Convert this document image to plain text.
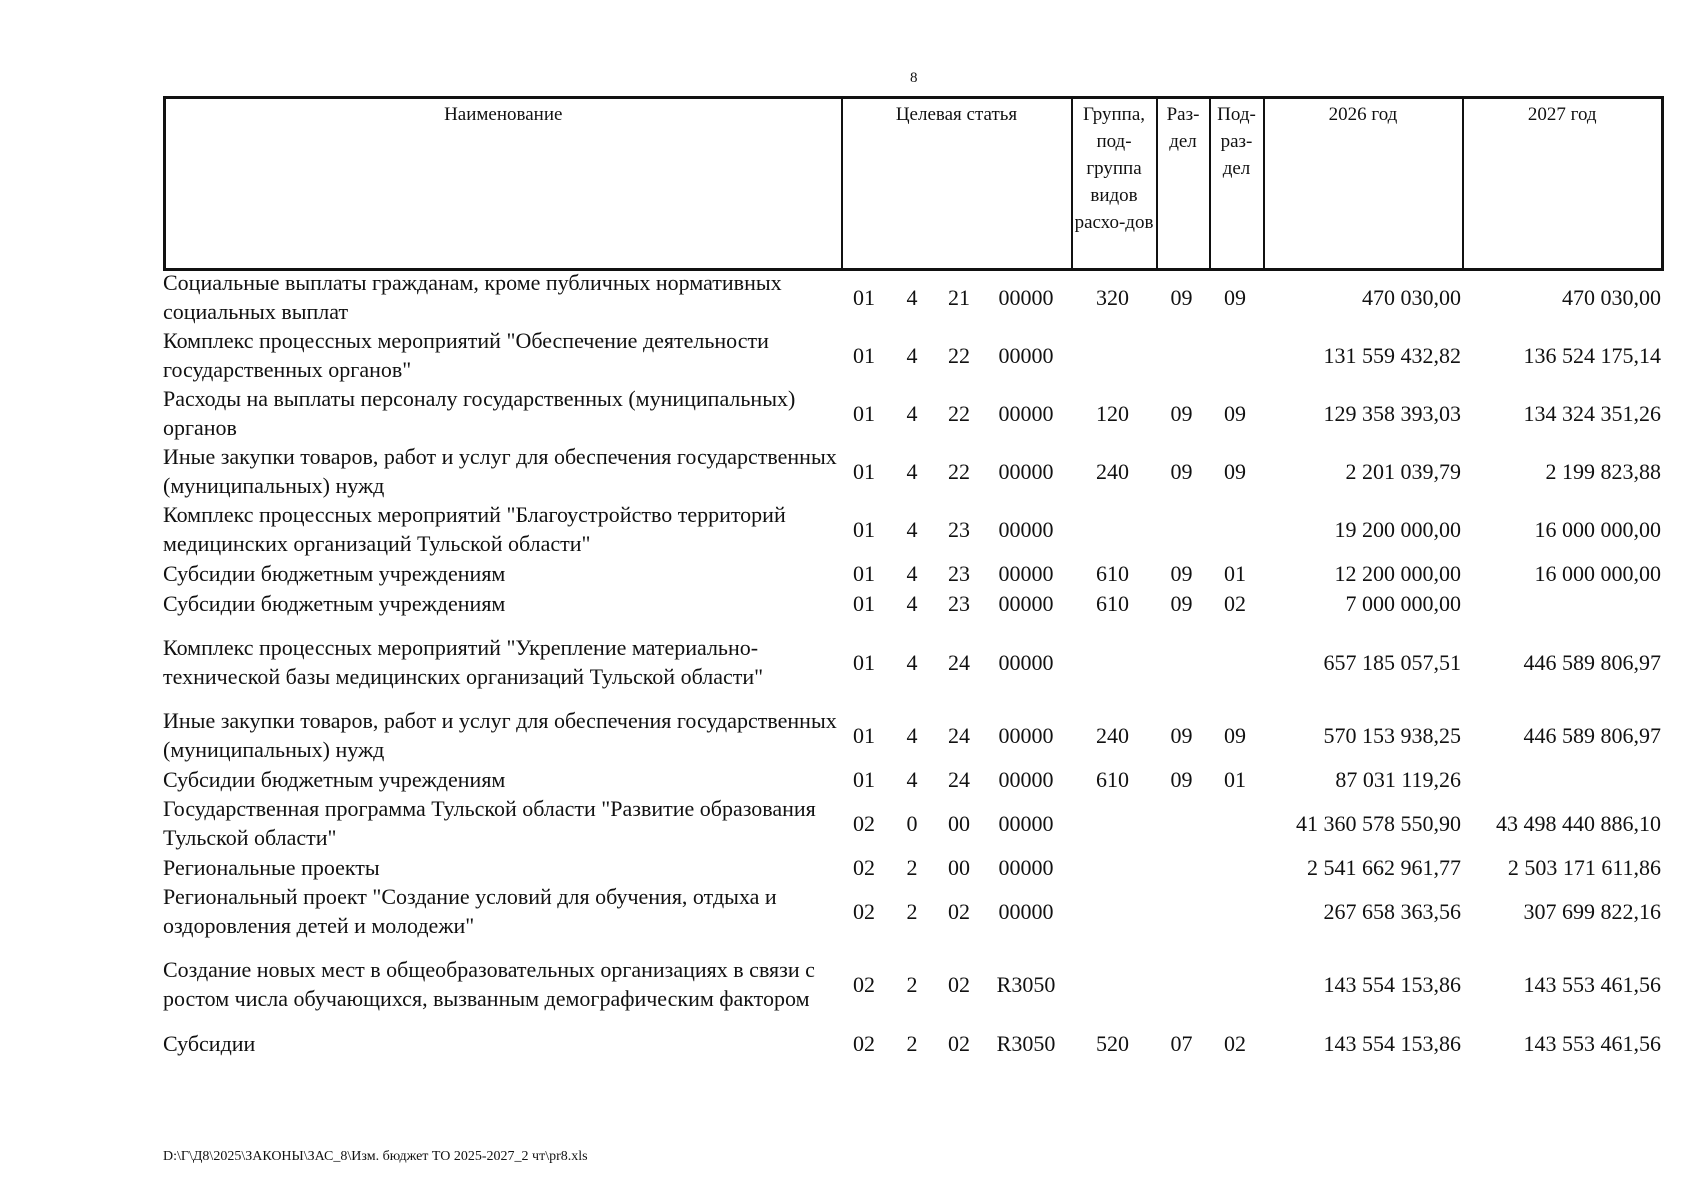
8
Наименование	Целевая статья	Группа, под-группа видов расхо-дов	Раз-дел	Под-раз-дел	2026 год	2027 год
Социальные выплаты гражданам, кроме публичных нормативных социальных выплат	01	4	21	00000	320	09	09	470 030,00	470 030,00
Комплекс процессных мероприятий "Обеспечение деятельности государственных органов"	01	4	22	00000				131 559 432,82	136 524 175,14
Расходы на выплаты персоналу государственных (муниципальных) органов	01	4	22	00000	120	09	09	129 358 393,03	134 324 351,26
Иные закупки товаров, работ и услуг для обеспечения государственных (муниципальных) нужд	01	4	22	00000	240	09	09	2 201 039,79	2 199 823,88
Комплекс процессных мероприятий "Благоустройство территорий медицинских организаций Тульской области"	01	4	23	00000				19 200 000,00	16 000 000,00
Субсидии бюджетным учреждениям	01	4	23	00000	610	09	01	12 200 000,00	16 000 000,00
Субсидии бюджетным учреждениям	01	4	23	00000	610	09	02	7 000 000,00	
Комплекс процессных мероприятий "Укрепление материально-технической базы медицинских организаций Тульской области"	01	4	24	00000				657 185 057,51	446 589 806,97
Иные закупки товаров, работ и услуг для обеспечения государственных (муниципальных) нужд	01	4	24	00000	240	09	09	570 153 938,25	446 589 806,97
Субсидии бюджетным учреждениям	01	4	24	00000	610	09	01	87 031 119,26	
Государственная программа Тульской области "Развитие образования Тульской области"	02	0	00	00000				41 360 578 550,90	43 498 440 886,10
Региональные проекты	02	2	00	00000				2 541 662 961,77	2 503 171 611,86
Региональный проект "Создание условий для обучения, отдыха и оздоровления детей и молодежи"	02	2	02	00000				267 658 363,56	307 699 822,16
Создание новых мест в общеобразовательных организациях в связи с ростом числа обучающихся, вызванным демографическим фактором	02	2	02	R3050				143 554 153,86	143 553 461,56
Субсидии	02	2	02	R3050	520	07	02	143 554 153,86	143 553 461,56
D:\Г\Д8\2025\ЗАКОНЫ\ЗАС_8\Изм. бюджет ТО 2025-2027_2 чт\pr8.xls
